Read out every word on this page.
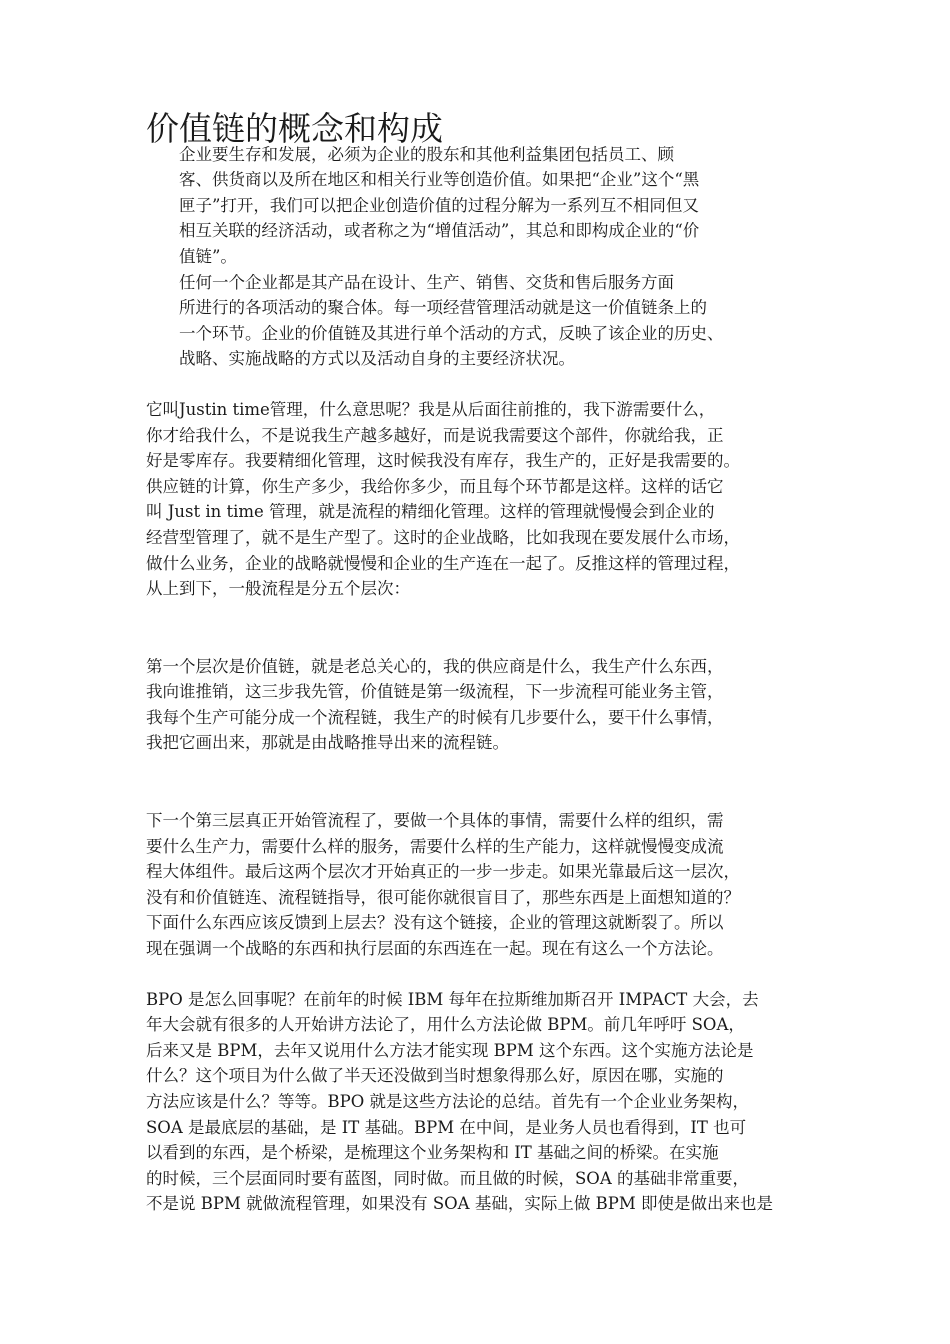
价值链的概念和构成

企业要生存和发展，必须为企业的股东和其他利益集团包括员工、顾
客、供货商以及所在地区和相关行业等创造价值。如果把“企业”这个“黑
匣子”打开，我们可以把企业创造价值的过程分解为一系列互不相同但又
相互关联的经济活动，或者称之为“增值活动”，其总和即构成企业的“价
值链”。

任何一个企业都是其产品在设计、生产、销售、交货和售后服务方面
所进行的各项活动的聚合体。每一项经营管理活动就是这一价值链条上的
一个环节。企业的价值链及其进行单个活动的方式，反映了该企业的历史、
战略、实施战略的方式以及活动自身的主要经济状况。

它叫Justin time管理，什么意思呢？我是从后面往前推的，我下游需要什么，
你才给我什么，不是说我生产越多越好，而是说我需要这个部件，你就给我，正
好是零库存。我要精细化管理，这时候我没有库存，我生产的，正好是我需要的。
供应链的计算，你生产多少，我给你多少，而且每个环节都是这样。这样的话它
叫 Just in time 管理，就是流程的精细化管理。这样的管理就慢慢会到企业的
经营型管理了，就不是生产型了。这时的企业战略，比如我现在要发展什么市场，
做什么业务，企业的战略就慢慢和企业的生产连在一起了。反推这样的管理过程，
从上到下，一般流程是分五个层次：

第一个层次是价值链，就是老总关心的，我的供应商是什么，我生产什么东西，
我向谁推销，这三步我先管，价值链是第一级流程，下一步流程可能业务主管，
我每个生产可能分成一个流程链，我生产的时候有几步要什么，要干什么事情，
我把它画出来，那就是由战略推导出来的流程链。

下一个第三层真正开始管流程了，要做一个具体的事情，需要什么样的组织，需
要什么生产力，需要什么样的服务，需要什么样的生产能力，这样就慢慢变成流
程大体组件。最后这两个层次才开始真正的一步一步走。如果光靠最后这一层次，
没有和价值链连、流程链指导，很可能你就很盲目了，那些东西是上面想知道的？
下面什么东西应该反馈到上层去？没有这个链接，企业的管理这就断裂了。所以
现在强调一个战略的东西和执行层面的东西连在一起。现在有这么一个方法论。

BPO 是怎么回事呢？在前年的时候 IBM 每年在拉斯维加斯召开 IMPACT 大会，去
年大会就有很多的人开始讲方法论了，用什么方法论做 BPM。前几年呼吁 SOA，
后来又是 BPM，去年又说用什么方法才能实现 BPM 这个东西。这个实施方法论是
什么？这个项目为什么做了半天还没做到当时想象得那么好，原因在哪，实施的
方法应该是什么？等等。BPO 就是这些方法论的总结。首先有一个企业业务架构，
SOA 是最底层的基础，是 IT 基础。BPM 在中间，是业务人员也看得到，IT 也可
以看到的东西，是个桥梁，是梳理这个业务架构和 IT 基础之间的桥梁。在实施
的时候，三个层面同时要有蓝图，同时做。而且做的时候，SOA 的基础非常重要，
不是说 BPM 就做流程管理，如果没有 SOA 基础，实际上做 BPM 即使是做出来也是
